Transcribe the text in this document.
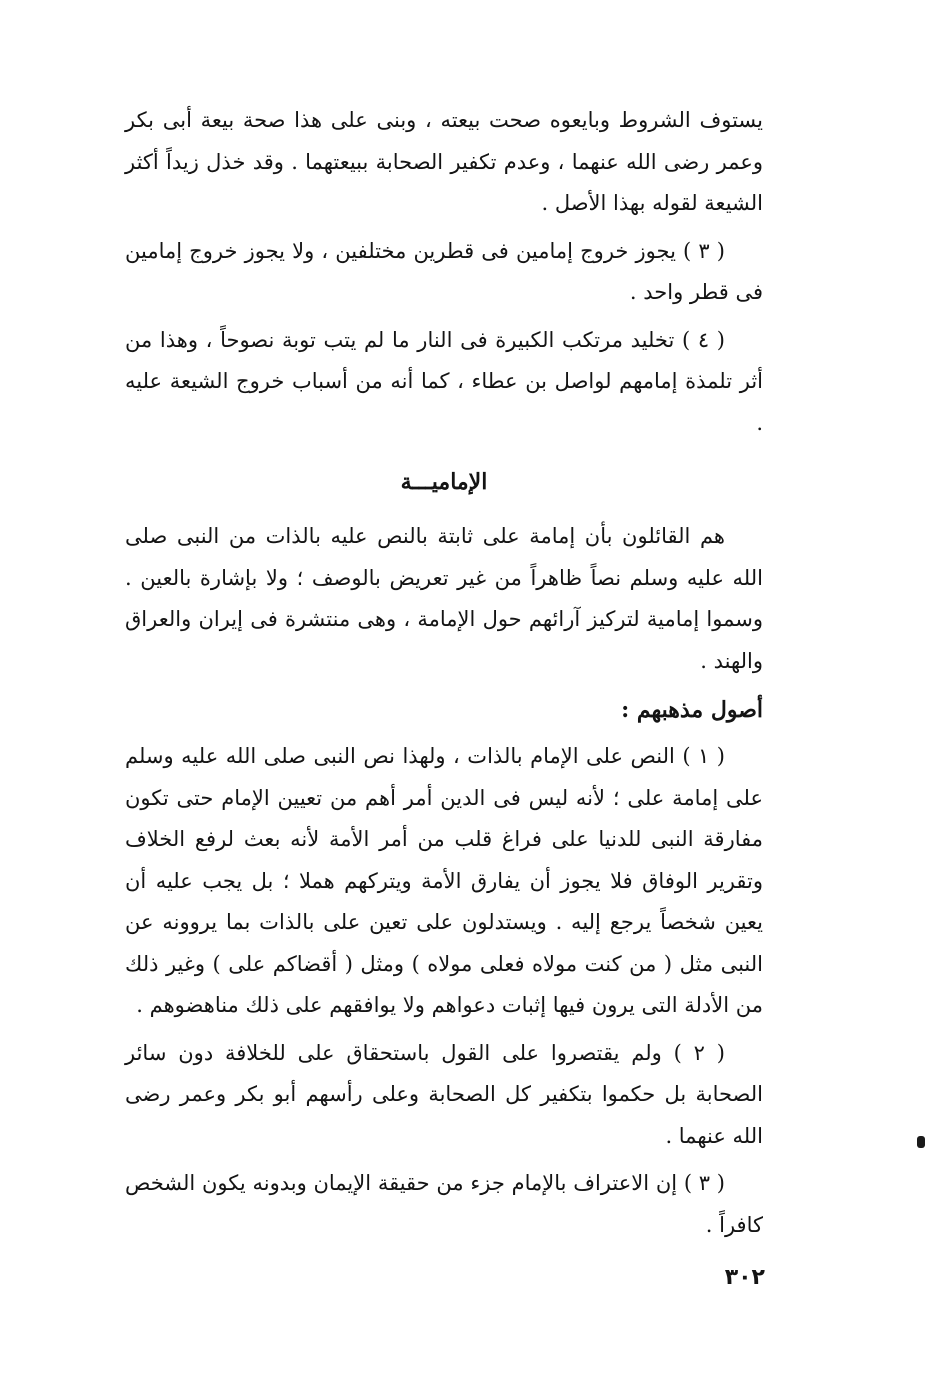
يستوف الشروط وبايعوه صحت بيعته ، وبنى على هذا صحة بيعة أبى بكر وعمر رضى الله عنهما ، وعدم تكفير الصحابة ببيعتهما . وقد خذل زيداً أكثر الشيعة لقوله بهذا الأصل .

( ٣ ) يجوز خروج إمامين فى قطرين مختلفين ، ولا يجوز خروج إمامين فى قطر واحد .

( ٤ ) تخليد مرتكب الكبيرة فى النار ما لم يتب توبة نصوحاً ، وهذا من أثر تلمذة إمامهم لواصل بن عطاء ، كما أنه من أسباب خروج الشيعة عليه .

الإماميـــة

هم القائلون بأن إمامة على ثابتة بالنص عليه بالذات من النبى صلى الله عليه وسلم نصاً ظاهراً من غير تعريض بالوصف ؛ ولا بإشارة بالعين . وسموا إمامية لتركيز آرائهم حول الإمامة ، وهى منتشرة فى إيران والعراق والهند .

أصول مذهبهم :

( ١ ) النص على الإمام بالذات ، ولهذا نص النبى صلى الله عليه وسلم على إمامة على ؛ لأنه ليس فى الدين أمر أهم من تعيين الإمام حتى تكون مفارقة النبى للدنيا على فراغ قلب من أمر الأمة لأنه بعث لرفع الخلاف وتقرير الوفاق فلا يجوز أن يفارق الأمة ويتركهم هملا ؛ بل يجب عليه أن يعين شخصاً يرجع إليه . ويستدلون على تعين على بالذات بما يروونه عن النبى مثل ( من كنت مولاه فعلى مولاه ) ومثل ( أقضاكم على ) وغير ذلك من الأدلة التى يرون فيها إثبات دعواهم ولا يوافقهم على ذلك مناهضوهم .

( ٢ ) ولم يقتصروا على القول باستحقاق على للخلافة دون سائر الصحابة بل حكموا بتكفير كل الصحابة وعلى رأسهم أبو بكر وعمر رضى الله عنهما .

( ٣ ) إن الاعتراف بالإمام جزء من حقيقة الإيمان وبدونه يكون الشخص كافراً .

٣٠٢
